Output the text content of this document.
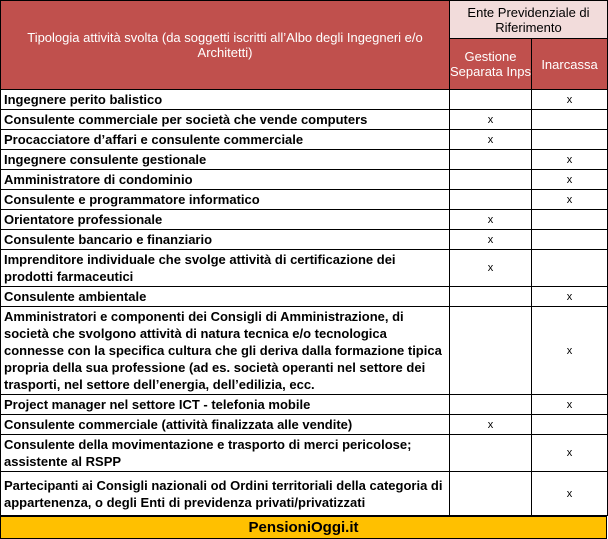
Tipologia attività svolta (da soggetti iscritti all’Albo degli Ingegneri e/o Architetti)	Ente Previdenziale di Riferimento	
	Gestione Separata Inps	Inarcassa
Ingegnere perito balistico		x
Consulente commerciale per società che vende computers	x	
Procacciatore d’affari e consulente commerciale	x	
Ingegnere consulente gestionale		x
Amministratore di condominio		x
Consulente e programmatore informatico		x
Orientatore professionale	x	
Consulente bancario e finanziario	x	
Imprenditore individuale che svolge attività di certificazione dei prodotti farmaceutici	x	
Consulente ambientale		x
Amministratori e componenti dei Consigli di Amministrazione, di società che svolgono attività di natura tecnica e/o tecnologica connesse con la specifica cultura che gli deriva dalla formazione tipica propria della sua professione (ad es. società operanti nel settore dei trasporti, nel settore dell’energia, dell’edilizia, ecc.		x
Project manager nel settore ICT - telefonia mobile		x
Consulente commerciale (attività finalizzata alle vendite)	x	
Consulente della movimentazione e trasporto di merci pericolose; assistente al RSPP		x
Partecipanti ai Consigli nazionali od Ordini territoriali della categoria di appartenenza, o degli Enti di previdenza privati/privatizzati		x
PensioniOggi.it
